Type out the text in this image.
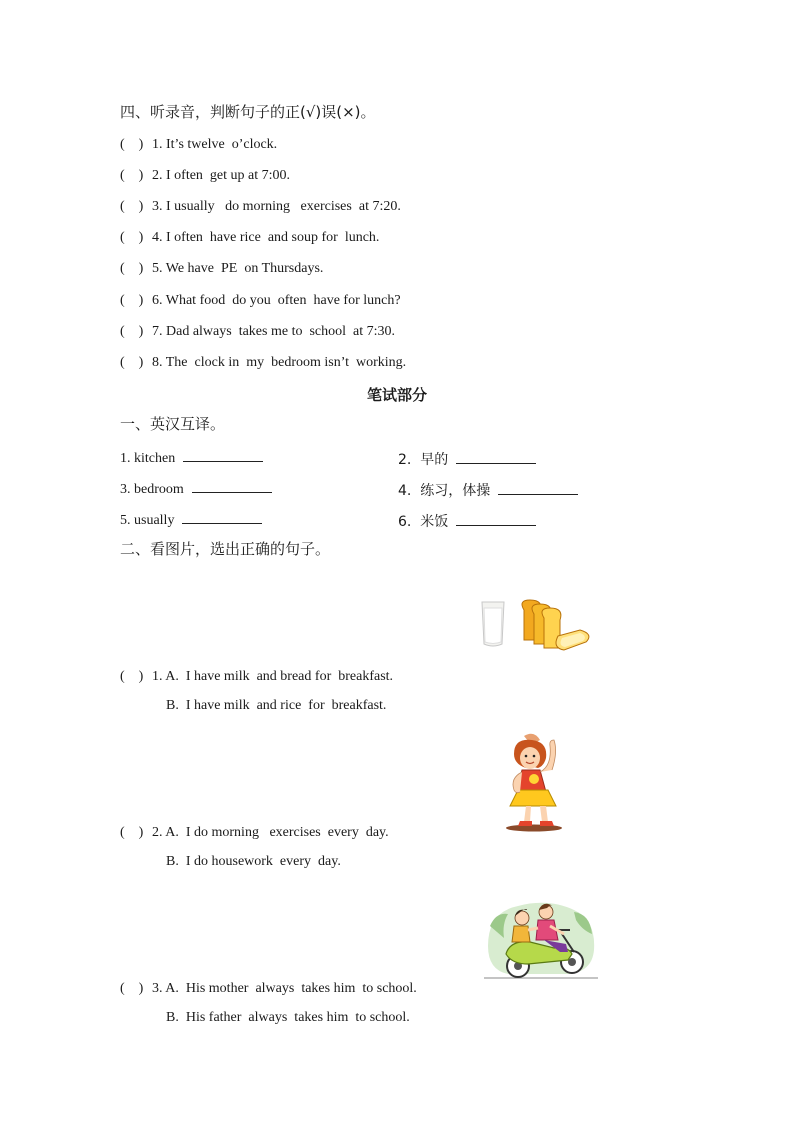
四、听录音，判断句子的正(√)误(×)。
(    ) 1. It’s twelve  o’clock.
(    ) 2. I often  get up at 7:00.
(    ) 3. I usually   do morning   exercises  at 7:20.
(    ) 4. I often  have rice  and soup for  lunch.
(    ) 5. We have  PE  on Thursdays.
(    ) 6. What food  do you  often  have for lunch?
(    ) 7. Dad always  takes me to  school  at 7:30.
(    ) 8. The  clock in  my  bedroom isn’t  working.
笔试部分
一、英汉互译。
1. kitchen	2.  早的
3. bedroom	4.  练习，体操
5. usually	6.  米饭
二、看图片，选出正确的句子。
(    ) 1. A.  I have milk  and bread for  breakfast.
B.  I have milk  and rice  for  breakfast.
(    ) 2. A.  I do morning   exercises  every  day.
B.  I do housework  every  day.
(    ) 3. A.  His mother  always  takes him  to school.
B.  His father  always  takes him  to school.
